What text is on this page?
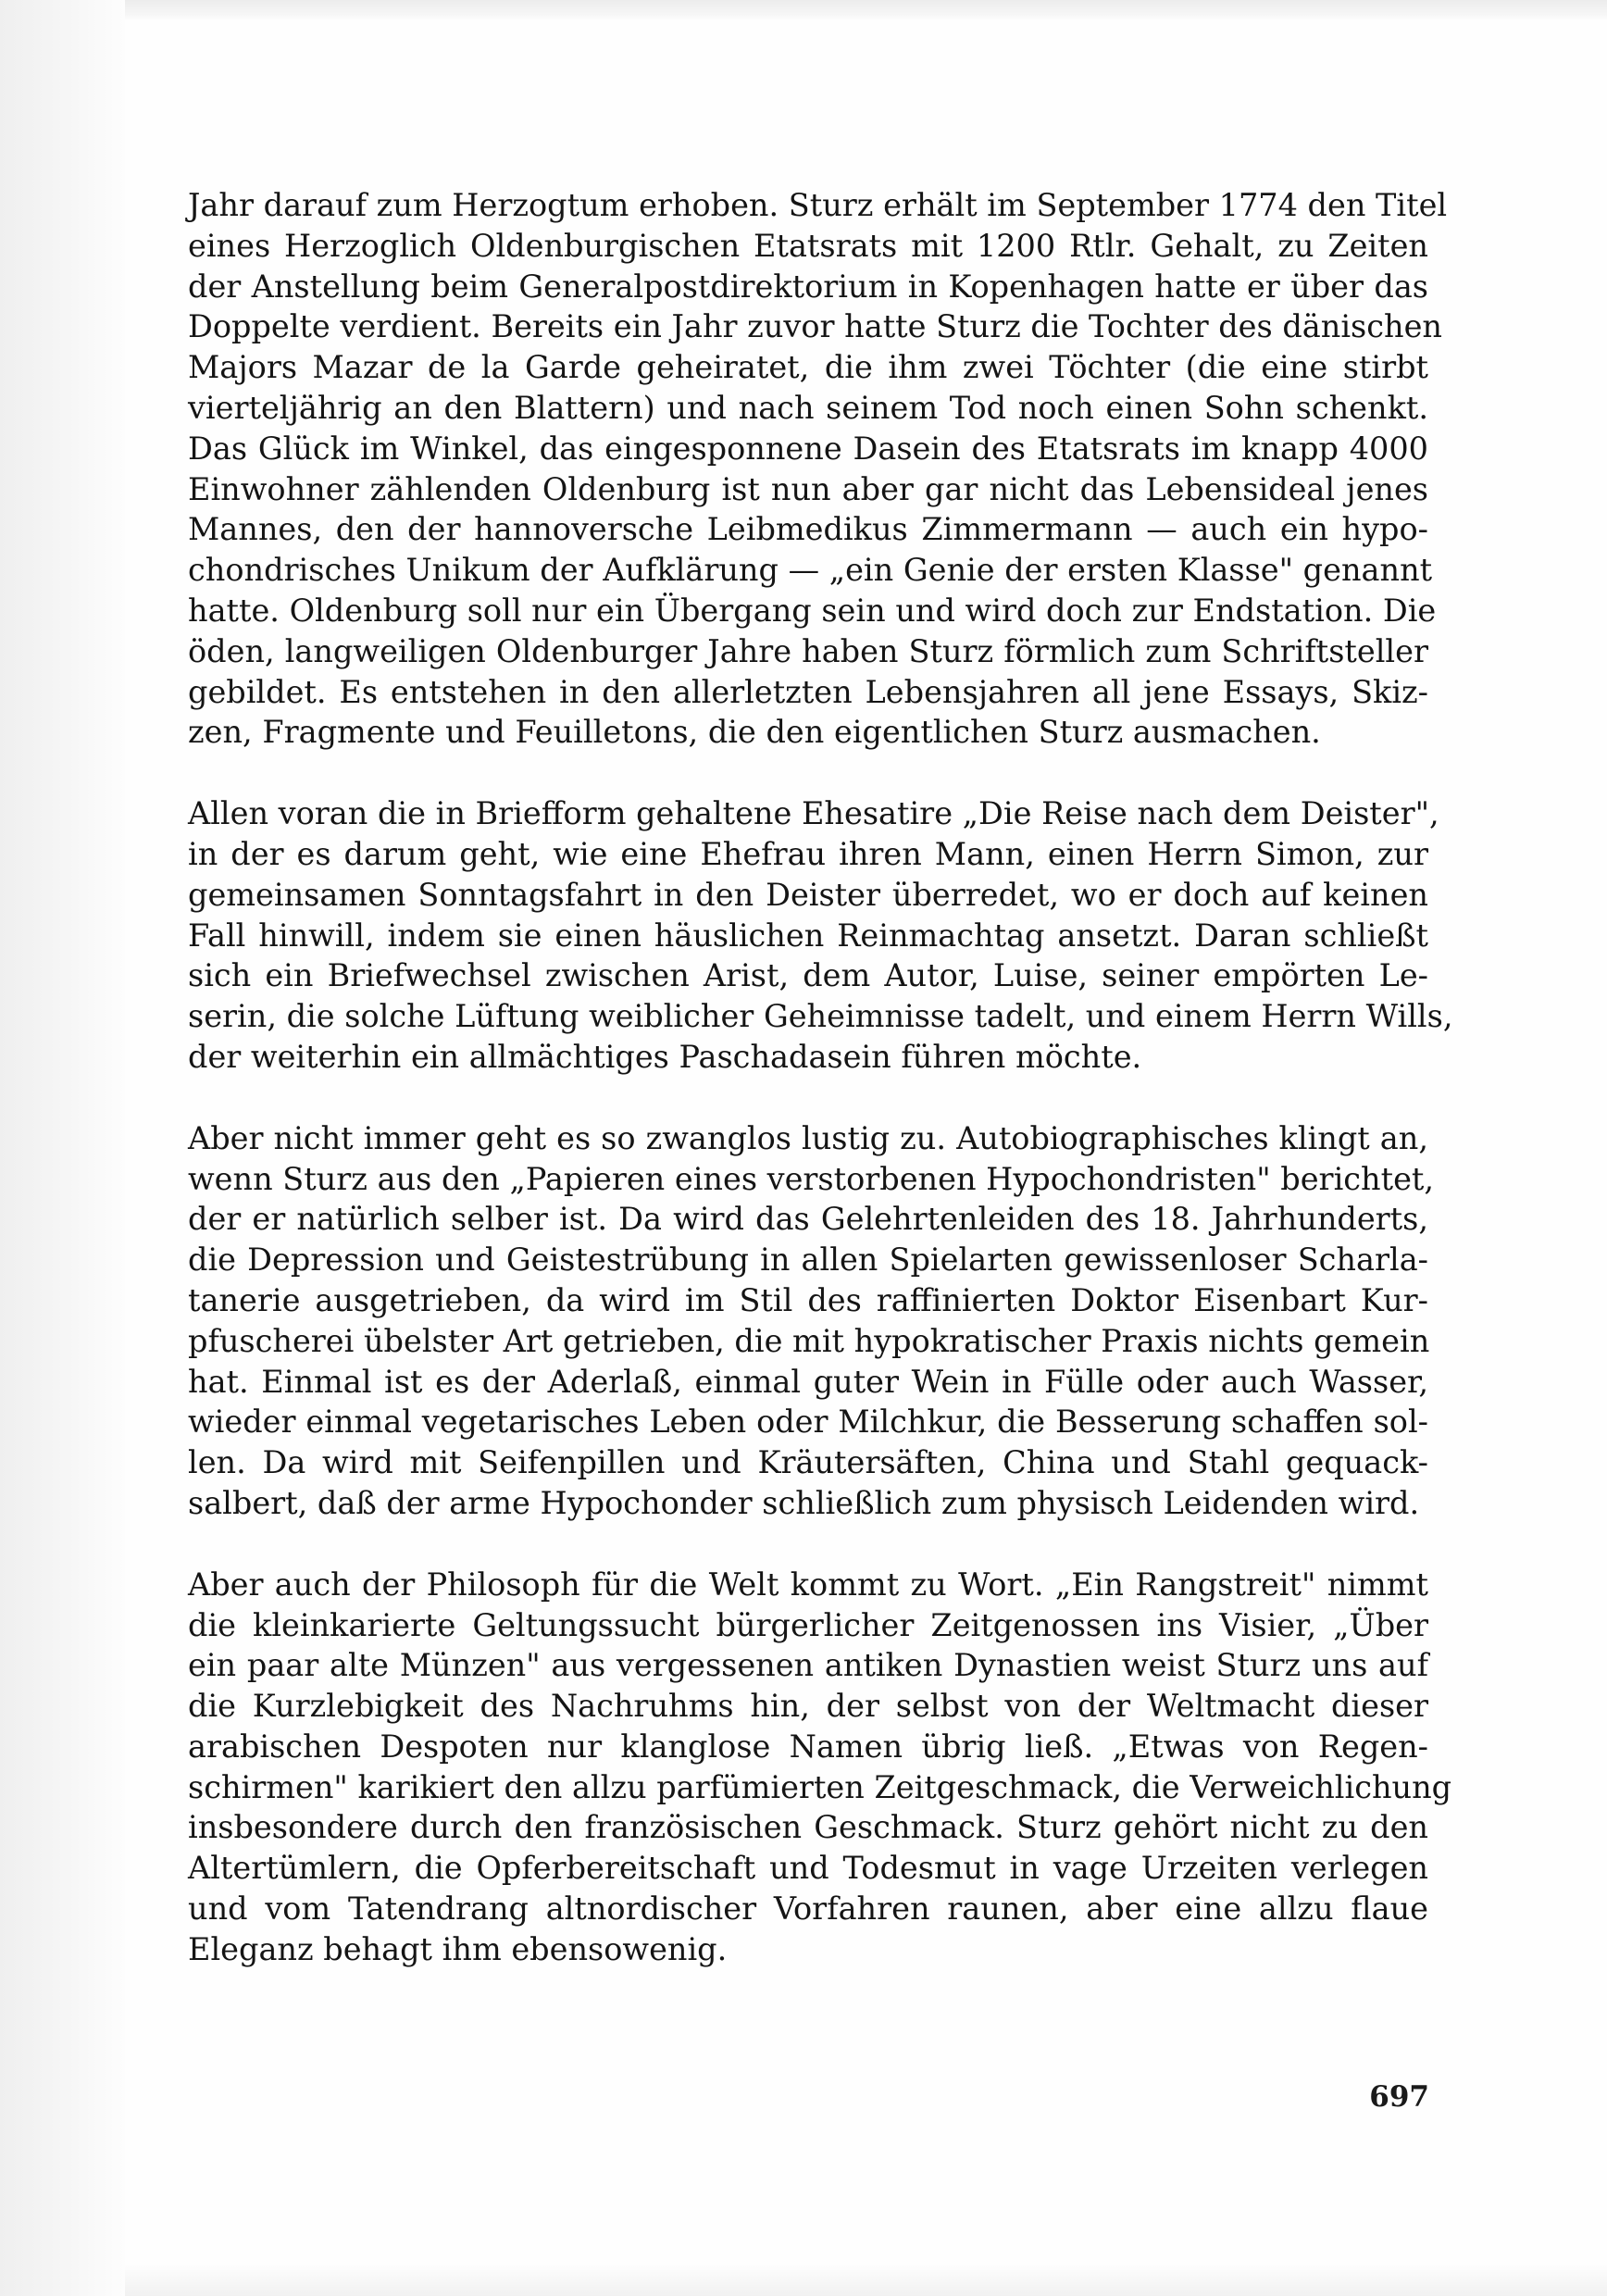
Jahr darauf zum Herzogtum erhoben. Sturz erhält im September 1774 den Titel
eines Herzoglich Oldenburgischen Etatsrats mit 1200 Rtlr. Gehalt, zu Zeiten
der Anstellung beim Generalpostdirektorium in Kopenhagen hatte er über das
Doppelte verdient. Bereits ein Jahr zuvor hatte Sturz die Tochter des dänischen
Majors Mazar de la Garde geheiratet, die ihm zwei Töchter (die eine stirbt
vierteljährig an den Blattern) und nach seinem Tod noch einen Sohn schenkt.
Das Glück im Winkel, das eingesponnene Dasein des Etatsrats im knapp 4000
Einwohner zählenden Oldenburg ist nun aber gar nicht das Lebensideal jenes
Mannes, den der hannoversche Leibmedikus Zimmermann — auch ein hypo-
chondrisches Unikum der Aufklärung — „ein Genie der ersten Klasse" genannt
hatte. Oldenburg soll nur ein Übergang sein und wird doch zur Endstation. Die
öden, langweiligen Oldenburger Jahre haben Sturz förmlich zum Schriftsteller
gebildet. Es entstehen in den allerletzten Lebensjahren all jene Essays, Skiz-
zen, Fragmente und Feuilletons, die den eigentlichen Sturz ausmachen.

Allen voran die in Briefform gehaltene Ehesatire „Die Reise nach dem Deister",
in der es darum geht, wie eine Ehefrau ihren Mann, einen Herrn Simon, zur
gemeinsamen Sonntagsfahrt in den Deister überredet, wo er doch auf keinen
Fall hinwill, indem sie einen häuslichen Reinmachtag ansetzt. Daran schließt
sich ein Briefwechsel zwischen Arist, dem Autor, Luise, seiner empörten Le-
serin, die solche Lüftung weiblicher Geheimnisse tadelt, und einem Herrn Wills,
der weiterhin ein allmächtiges Paschadasein führen möchte.

Aber nicht immer geht es so zwanglos lustig zu. Autobiographisches klingt an,
wenn Sturz aus den „Papieren eines verstorbenen Hypochondristen" berichtet,
der er natürlich selber ist. Da wird das Gelehrtenleiden des 18. Jahrhunderts,
die Depression und Geistestrübung in allen Spielarten gewissenloser Scharla-
tanerie ausgetrieben, da wird im Stil des raffinierten Doktor Eisenbart Kur-
pfuscherei übelster Art getrieben, die mit hypokratischer Praxis nichts gemein
hat. Einmal ist es der Aderlaß, einmal guter Wein in Fülle oder auch Wasser,
wieder einmal vegetarisches Leben oder Milchkur, die Besserung schaffen sol-
len. Da wird mit Seifenpillen und Kräutersäften, China und Stahl gequack-
salbert, daß der arme Hypochonder schließlich zum physisch Leidenden wird.

Aber auch der Philosoph für die Welt kommt zu Wort. „Ein Rangstreit" nimmt
die kleinkarierte Geltungssucht bürgerlicher Zeitgenossen ins Visier, „Über
ein paar alte Münzen" aus vergessenen antiken Dynastien weist Sturz uns auf
die Kurzlebigkeit des Nachruhms hin, der selbst von der Weltmacht dieser
arabischen Despoten nur klanglose Namen übrig ließ. „Etwas von Regen-
schirmen" karikiert den allzu parfümierten Zeitgeschmack, die Verweichlichung
insbesondere durch den französischen Geschmack. Sturz gehört nicht zu den
Altertümlern, die Opferbereitschaft und Todesmut in vage Urzeiten verlegen
und vom Tatendrang altnordischer Vorfahren raunen, aber eine allzu flaue
Eleganz behagt ihm ebensowenig.

697
